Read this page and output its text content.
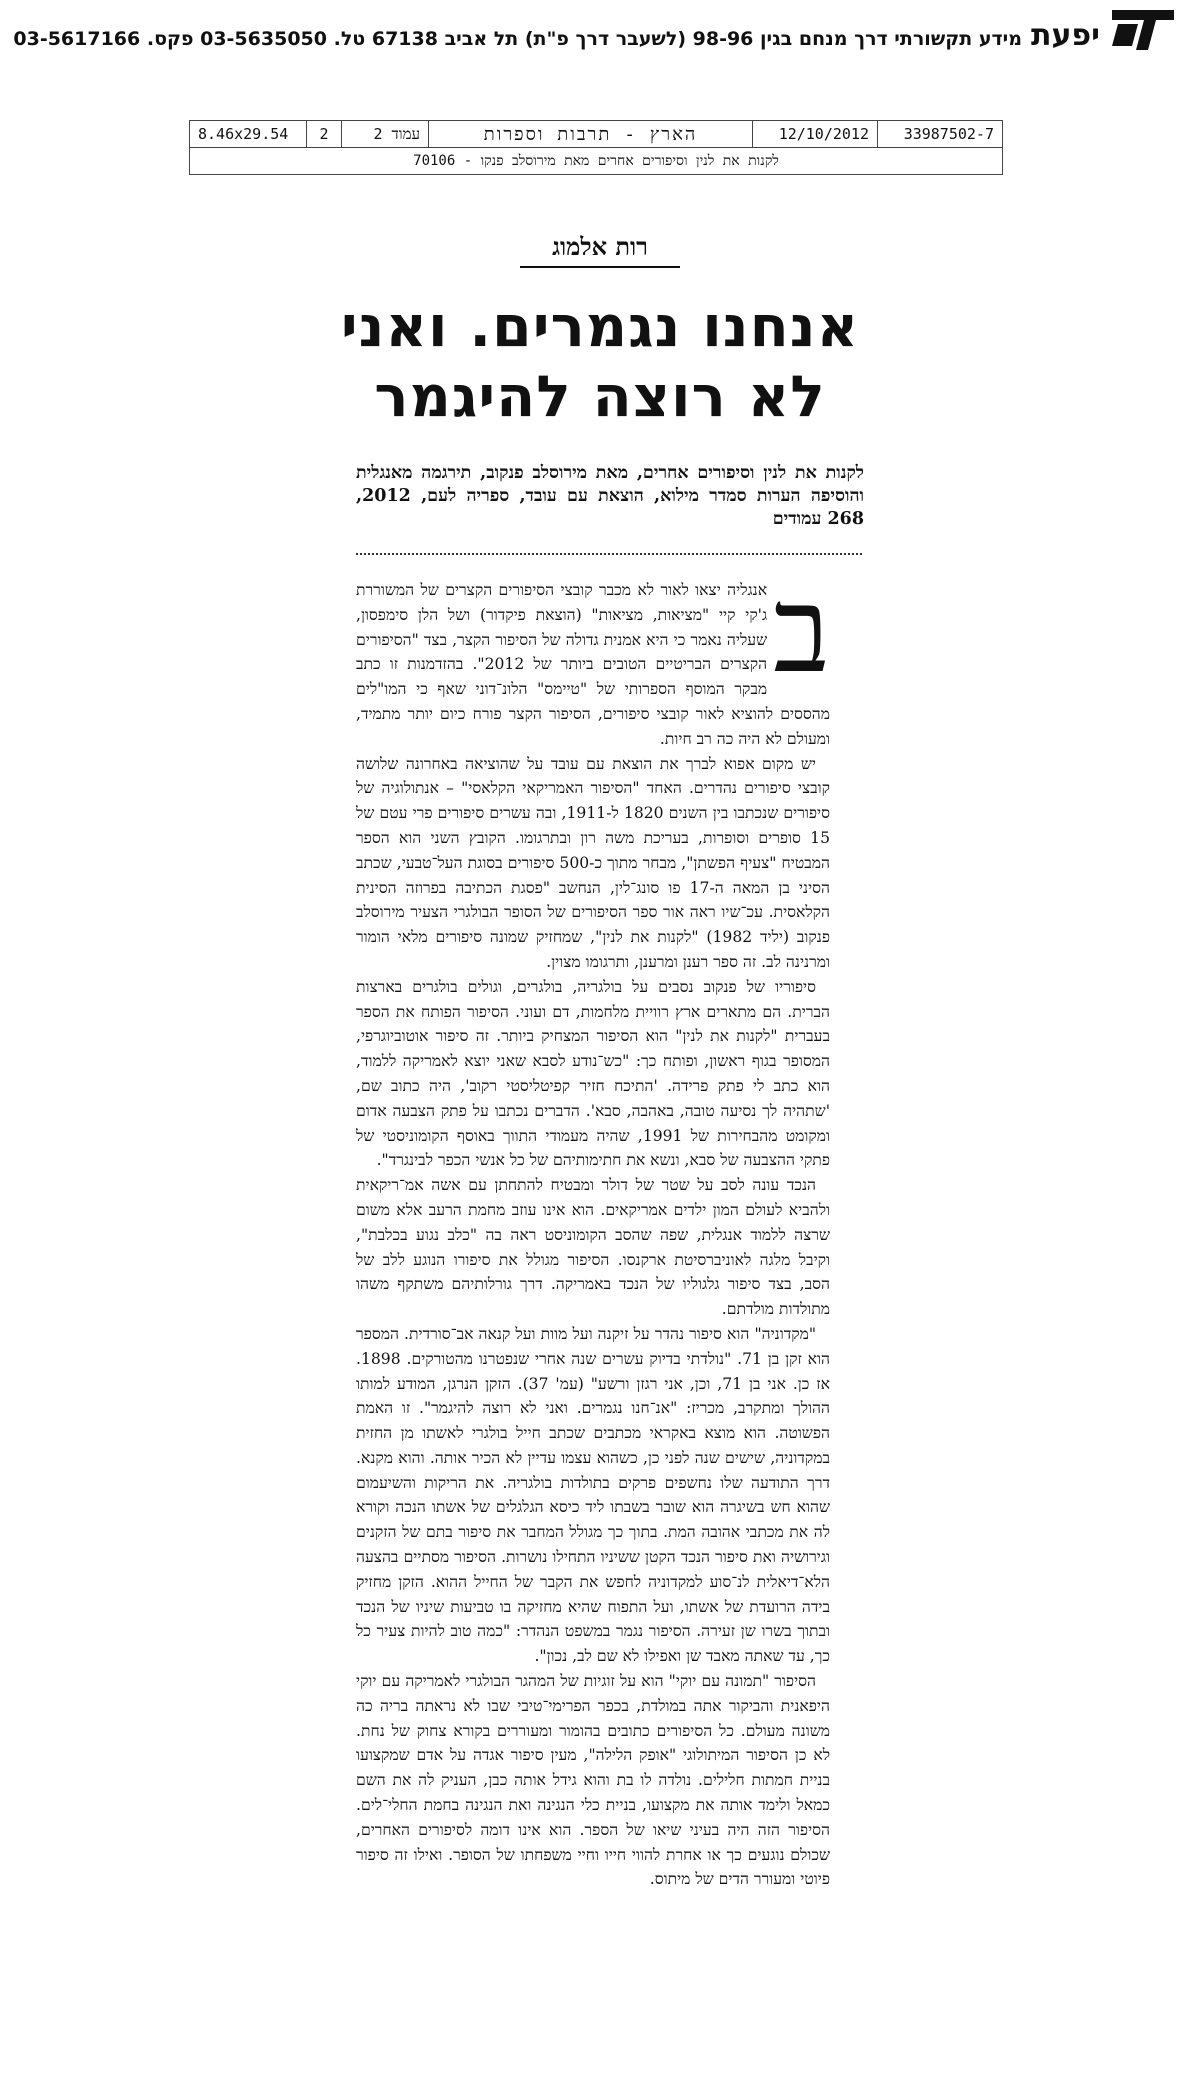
יפעת
מידע תקשורתי דרך מנחם בגין 98-96 (לשעבר דרך פ"ת) תל אביב 67138 טל. 03-5635050 פקס. 03-5617166
33987502-7
12/10/2012
הארץ - תרבות וספרות
עמוד 2
2
8.46x29.54
לקנות את לנין וסיפורים אחרים מאת מירוסלב פנקו - 70106
רות אלמוג
אנחנו נגמרים. ואני לא רוצה להיגמר
לקנות את לנין וסיפורים אחרים, מאת מירוסלב פנקוב, תירגמה מאנגלית והוסיפה הערות סמדר מילוא, הוצאת עם עובד, ספריה לעם, 2012, 268 עמודים
ב

אנגליה יצאו לאור לא מכבר קובצי הסיפורים הקצרים של המשוררת ג'קי קיי "מציאות, מציאות" (הוצאת פיקדור) ושל הלן סימפסון, שעליה נאמר כי היא אמנית גדולה של הסיפור הקצר, בצד "הסיפורים הקצרים הבריטיים הטובים ביותר של 2012". בהזדמנות זו כתב מבקר המוסף הספרותי של "טיימס" הלונ־דוני שאף כי המו"לים מהססים להוציא לאור קובצי סיפורים, הסיפור הקצר פורח כיום יותר מתמיד, ומעולם לא היה כה רב חיות.

יש מקום אפוא לברך את הוצאת עם עובד על שהוציאה באחרונה שלושה קובצי סיפורים נהדרים. האחד "הסיפור האמריקאי הקלאסי" – אנתולוגיה של סיפורים שנכתבו בין השנים 1820 ל-1911, ובה עשרים סיפורים פרי עטם של 15 סופרים וסופרות, בעריכת משה רון ובתרגומו. הקובץ השני הוא הספר המבטיח "צעיף הפשתן", מבחר מתוך כ-500 סיפורים בסוגת העל־טבעי, שכתב הסיני בן המאה ה-17 פו סונג־לין, הנחשב "פסגת הכתיבה בפרוזה הסינית הקלאסית. עכ־שיו ראה אור ספר הסיפורים של הסופר הבולגרי הצעיר מירוסלב פנקוב (יליד 1982) "לקנות את לנין", שמחזיק שמונה סיפורים מלאי הומור ומרנינה לב. זה ספר רענן ומרענן, ותרגומו מצוין.

סיפוריו של פנקוב נסבים על בולגריה, בולגרים, וגולים בולגרים בארצות הברית. הם מתארים ארץ רוויית מלחמות, דם ועוני. הסיפור הפותח את הספר בעברית "לקנות את לנין" הוא הסיפור המצחיק ביותר. זה סיפור אוטוביוגרפי, המסופר בגוף ראשון, ופותח כך: "כש־נודע לסבא שאני יוצא לאמריקה ללמוד, הוא כתב לי פתק פרידה. 'התיכח חזיר קפיטליסטי רקוב', היה כתוב שם, 'שתהיה לך נסיעה טובה, באהבה, סבא'. הדברים נכתבו על פתק הצבעה אדום ומקומט מהבחירות של 1991, שהיה מעמודי התווך באוסף הקומוניסטי של פתקי ההצבעה של סבא, ונשא את חתימותיהם של כל אנשי הכפר לבינגרד".

הנכד עונה לסב על שטר של דולר ומבטיח להתחתן עם אשה אמ־ריקאית ולהביא לעולם המון ילדים אמריקאים. הוא אינו עוזב מחמת הרעב אלא משום שרצה ללמוד אנגלית, שפה שהסב הקומוניסט ראה בה "כלב נגוע בכלבת", וקיבל מלגה לאוניברסיטת ארקנסו. הסיפור מגולל את סיפורו הנוגע ללב של הסב, בצד סיפור גלגוליו של הנכד באמריקה. דרך גורלותיהם משתקף משהו מתולדות מולדתם.

"מקדוניה" הוא סיפור נהדר על זיקנה ועל מוות ועל קנאה אב־סורדית. המספר הוא זקן בן 71. "נולדתי בדיוק עשרים שנה אחרי שנפטרנו מהטורקים. 1898. אז כן. אני בן 71, וכן, אני רגזן ורשע" (עמ' 37). הזקן הנרגן, המודע למותו ההולך ומתקרב, מכריז: "אנ־חנו נגמרים. ואני לא רוצה להיגמר". זו האמת הפשוטה. הוא מוצא באקראי מכתבים שכתב חייל בולגרי לאשתו מן החזית במקדוניה, שישים שנה לפני כן, כשהוא עצמו עדיין לא הכיר אותה. והוא מקנא. דרך התודעה שלו נחשפים פרקים בתולדות בולגריה. את הריקות והשיעמום שהוא חש בשיגרה הוא שובר בשבתו ליד כיסא הגלגלים של אשתו הנכה וקורא לה את מכתבי אהובה המת. בתוך כך מגולל המחבר את סיפור בתם של הזקנים וגירושיה ואת סיפור הנכד הקטן ששיניו התחילו נושרות. הסיפור מסתיים בהצעה הלא־דיאלית לנ־סוע למקדוניה לחפש את הקבר של החייל ההוא. הזקן מחזיק בידה הרועדת של אשתו, ועל התפוח שהיא מחזיקה בו טביעות שיניו של הנכד ובתוך בשרו שן זעירה. הסיפור נגמר במשפט הנהדר: "כמה טוב להיות צעיר כל כך, עד שאתה מאבד שן ואפילו לא שם לב, נכון".

הסיפור "תמונה עם יוקי" הוא על זוגיות של המהגר הבולגרי לאמריקה עם יוקי היפאנית והביקור אתה במולדת, בכפר הפרימי־טיבי שבו לא נראתה בריה כה משונה מעולם. כל הסיפורים כתובים בהומור ומעוררים בקורא צחוק של נחת. לא כן הסיפור המיתולוגי "אופק הלילה", מעין סיפור אגדה על אדם שמקצועו בניית חמתות חלילים. נולדה לו בת והוא גידל אותה כבן, העניק לה את השם כמאל ולימד אותה את מקצועו, בניית כלי הנגינה ואת הנגינה בחמת החלי־לים. הסיפור הזה היה בעיני שיאו של הספר. הוא אינו דומה לסיפורים האחרים, שכולם נוגעים כך או אחרת להווי חייו וחיי משפחתו של הסופר. ואילו זה סיפור פיוטי ומעורר הדים של מיתוס.
